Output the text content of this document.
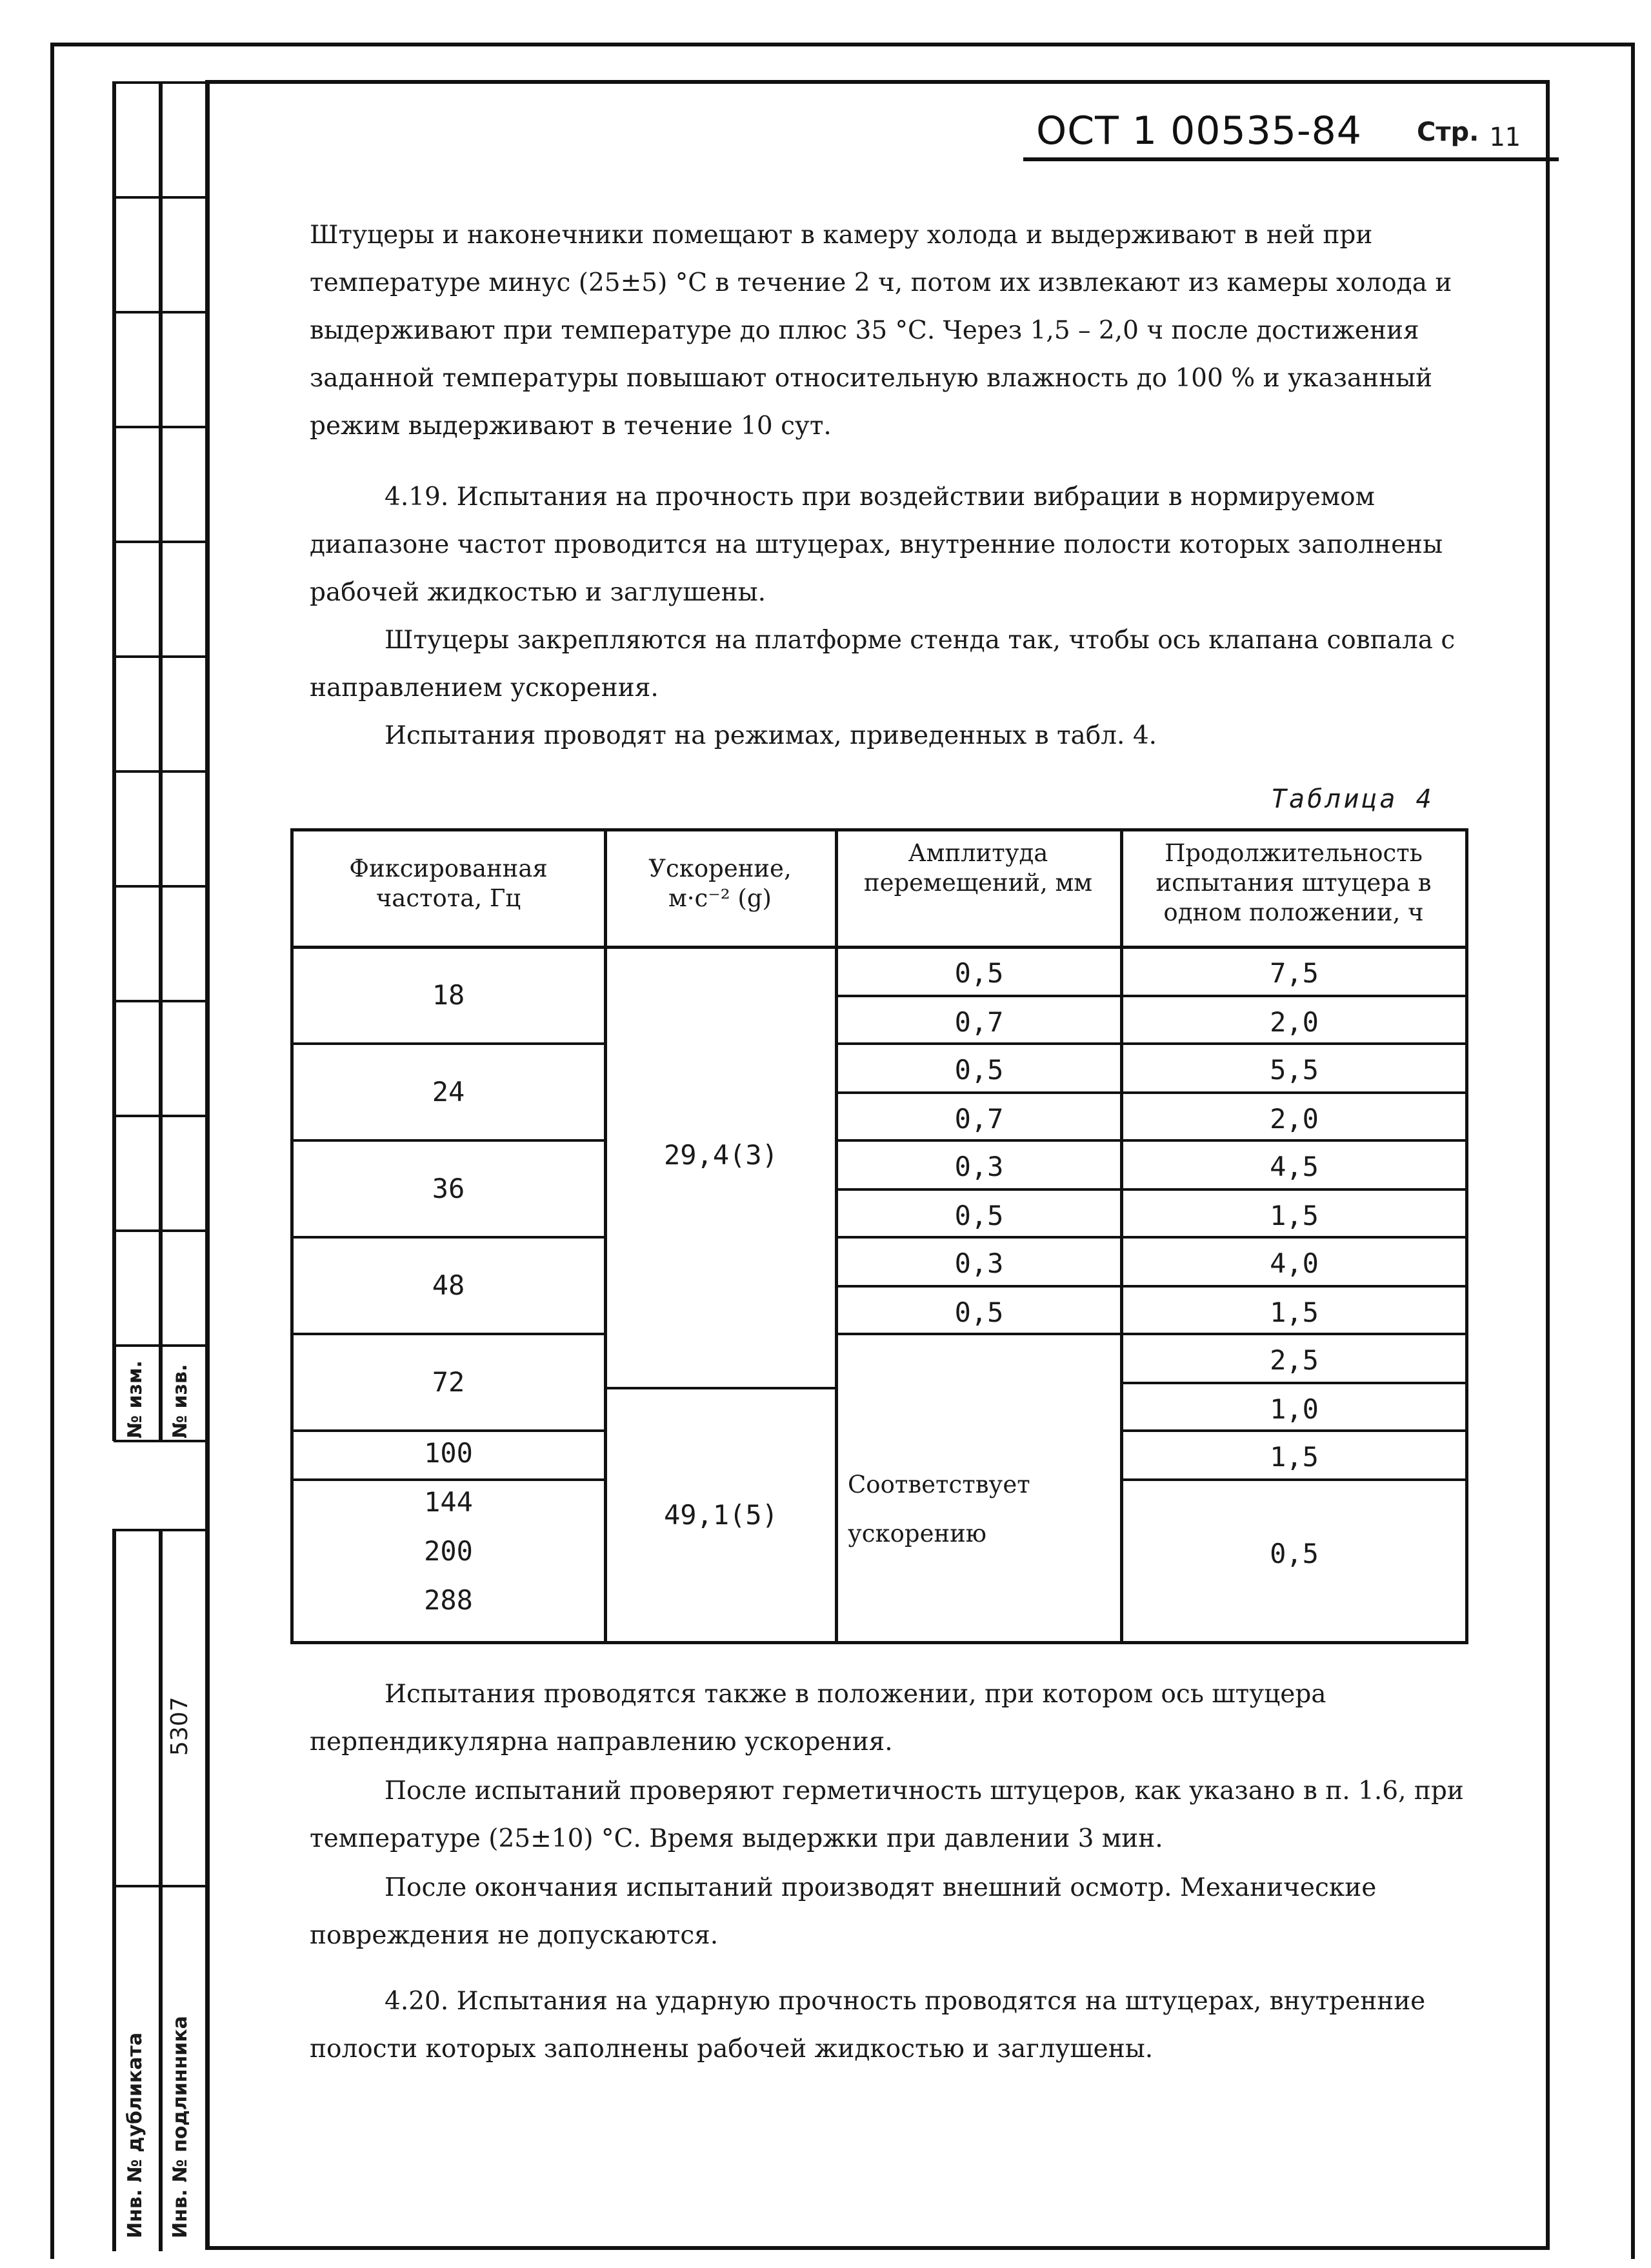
№ изм. № изв.
5307
Инв. № дубликата Инв. № подлинника
ОСТ 1 00535-84 Стр. 11

Штуцеры и наконечники помещают в камеру холода и выдерживают в ней при температуре минус (25±5) °С в течение 2 ч, потом их извлекают из камеры холода и выдерживают при температуре до плюс 35 °С. Через 1,5 – 2,0 ч после достижения заданной температуры повышают относительную влажность до 100 % и указанный режим выдерживают в течение 10 сут.

4.19. Испытания на прочность при воздействии вибрации в нормируемом диапазоне частот проводится на штуцерах, внутренние полости которых заполнены рабочей жидкостью и заглушены.

Штуцеры закрепляются на платформе стенда так, чтобы ось клапана совпала с направлением ускорения.

Испытания проводят на режимах, приведенных в табл. 4.

Таблица 4
Фиксированная частота, Гц
Ускорение, м·с⁻² (g)
Амплитуда перемещений, мм
Продолжительность испытания штуцера в одном положении, ч
18
24
36
48
72
100
144
200
288
29,4(3)
49,1(5)
0,5
0,7
0,5
0,7
0,3
0,5
0,3
0,5
Соответствует ускорению
7,5
2,0
5,5
2,0
4,5
1,5
4,0
1,5
2,5
1,0
1,5
0,5

Испытания проводятся также в положении, при котором ось штуцера перпендикулярна направлению ускорения.

После испытаний проверяют герметичность штуцеров, как указано в п. 1.6, при температуре (25±10) °С. Время выдержки при давлении 3 мин.

После окончания испытаний производят внешний осмотр. Механические повреждения не допускаются.

4.20. Испытания на ударную прочность проводятся на штуцерах, внутренние полости которых заполнены рабочей жидкостью и заглушены.
